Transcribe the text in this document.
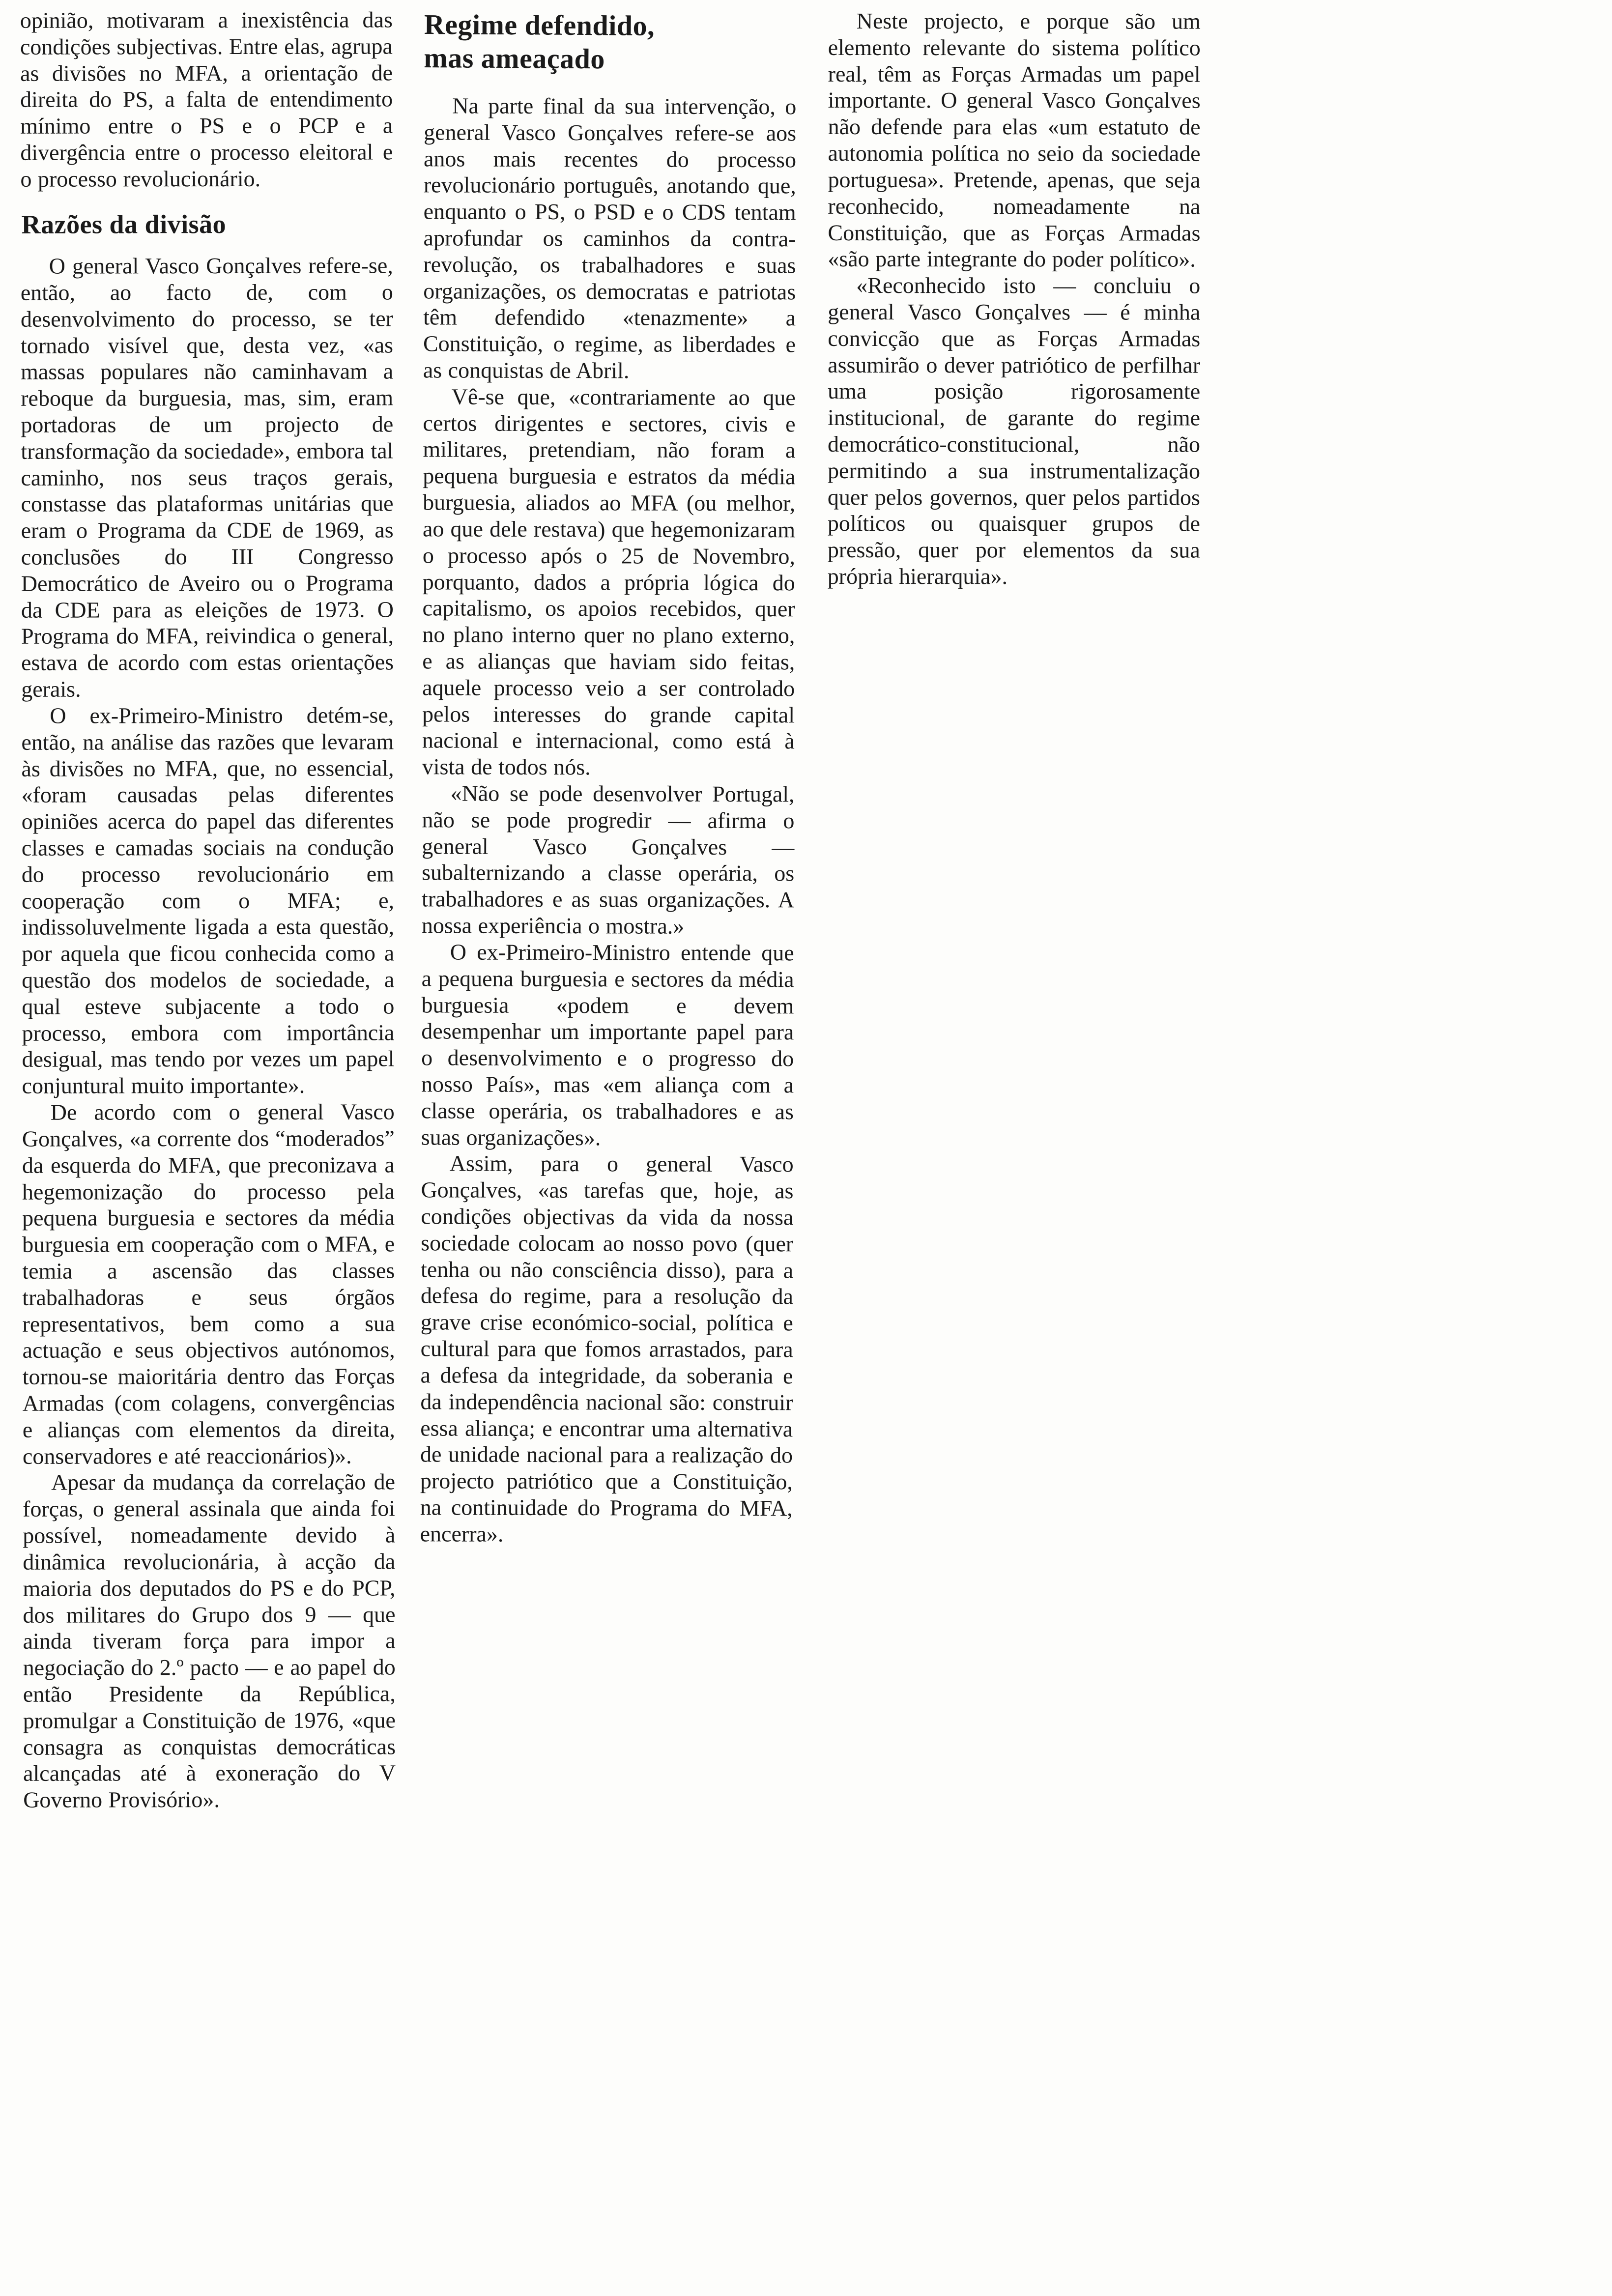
opinião, motivaram a inexistência das condições subjectivas. Entre elas, agrupa as divisões no MFA, a orientação de direita do PS, a falta de entendimento mínimo entre o PS e o PCP e a divergência entre o processo eleitoral e o processo revolucionário.

Razões da divisão

O general Vasco Gonçalves refere-se, então, ao facto de, com o desenvolvimento do processo, se ter tornado visível que, desta vez, «as massas populares não caminhavam a reboque da burguesia, mas, sim, eram portadoras de um projecto de transformação da sociedade», embora tal caminho, nos seus traços gerais, constasse das plataformas unitárias que eram o Programa da CDE de 1969, as conclusões do III Congresso Democrático de Aveiro ou o Programa da CDE para as eleições de 1973. O Programa do MFA, reivindica o general, estava de acordo com estas orientações gerais.

O ex-Primeiro-Ministro detém-se, então, na análise das razões que levaram às divisões no MFA, que, no essencial, «foram causadas pelas diferentes opiniões acerca do papel das diferentes classes e camadas sociais na condução do processo revolucionário em cooperação com o MFA; e, indissoluvelmente ligada a esta questão, por aquela que ficou conhecida como a questão dos modelos de sociedade, a qual esteve subjacente a todo o processo, embora com importância desigual, mas tendo por vezes um papel conjuntural muito importante».

De acordo com o general Vasco Gonçalves, «a corrente dos “moderados” da esquerda do MFA, que preconizava a hegemonização do processo pela pequena burguesia e sectores da média burguesia em cooperação com o MFA, e temia a ascensão das classes trabalhadoras e seus órgãos representativos, bem como a sua actuação e seus objectivos autónomos, tornou-se maioritária dentro das Forças Armadas (com colagens, convergências e alianças com elementos da direita, conservadores e até reaccionários)».

Apesar da mudança da correlação de forças, o general assinala que ainda foi possível, nomeadamente devido à dinâmica revolucionária, à acção da maioria dos deputados do PS e do PCP, dos militares do Grupo dos 9 — que ainda tiveram força para impor a negociação do 2.º pacto — e ao papel do então Presidente da República, promulgar a Constituição de 1976, «que consagra as conquistas democráticas alcançadas até à exoneração do V Governo Provisório».

Regime defendido,
mas ameaçado

Na parte final da sua intervenção, o general Vasco Gonçalves refere-se aos anos mais recentes do processo revolucionário português, anotando que, enquanto o PS, o PSD e o CDS tentam aprofundar os caminhos da contra-revolução, os trabalhadores e suas organizações, os democratas e patriotas têm defendido «tenazmente» a Constituição, o regime, as liberdades e as conquistas de Abril.

Vê-se que, «contrariamente ao que certos dirigentes e sectores, civis e militares, pretendiam, não foram a pequena burguesia e estratos da média burguesia, aliados ao MFA (ou melhor, ao que dele restava) que hegemonizaram o processo após o 25 de Novembro, porquanto, dados a própria lógica do capitalismo, os apoios recebidos, quer no plano interno quer no plano externo, e as alianças que haviam sido feitas, aquele processo veio a ser controlado pelos interesses do grande capital nacional e internacional, como está à vista de todos nós.

«Não se pode desenvolver Portugal, não se pode progredir — afirma o general Vasco Gonçalves — subalternizando a classe operária, os trabalhadores e as suas organizações. A nossa experiência o mostra.»

O ex-Primeiro-Ministro entende que a pequena burguesia e sectores da média burguesia «podem e devem desempenhar um importante papel para o desenvolvimento e o progresso do nosso País», mas «em aliança com a classe operária, os trabalhadores e as suas organizações».

Assim, para o general Vasco Gonçalves, «as tarefas que, hoje, as condições objectivas da vida da nossa sociedade colocam ao nosso povo (quer tenha ou não consciência disso), para a defesa do regime, para a resolução da grave crise económico-social, política e cultural para que fomos arrastados, para a defesa da integridade, da soberania e da independência nacional são: construir essa aliança; e encontrar uma alternativa de unidade nacional para a realização do projecto patriótico que a Constituição, na continuidade do Programa do MFA, encerra».

Neste projecto, e porque são um elemento relevante do sistema político real, têm as Forças Armadas um papel importante. O general Vasco Gonçalves não defende para elas «um estatuto de autonomia política no seio da sociedade portuguesa». Pretende, apenas, que seja reconhecido, nomeadamente na Constituição, que as Forças Armadas «são parte integrante do poder político».

«Reconhecido isto — concluiu o general Vasco Gonçalves — é minha convicção que as Forças Armadas assumirão o dever patriótico de perfilhar uma posição rigorosamente institucional, de garante do regime democrático-constitucional, não permitindo a sua instrumentalização quer pelos governos, quer pelos partidos políticos ou quaisquer grupos de pressão, quer por elementos da sua própria hierarquia».
